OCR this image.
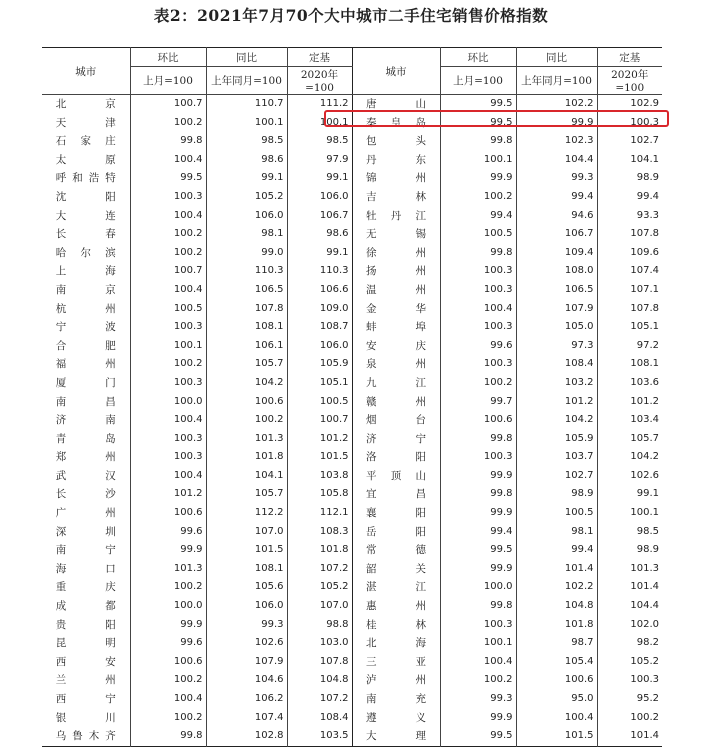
表2：2021年7月70个大中城市二手住宅销售价格指数
城市	环比	同比	定基	城市	环比	同比	定基
	上月=100	上年同月=100	2020年=100		上月=100	上年同月=100	2020年=100
北京	100.7	110.7	111.2	唐山	99.5	102.2	102.9
天津	100.2	100.1	100.1	秦皇岛	99.5	99.9	100.3
石家庄	99.8	98.5	98.5	包头	99.8	102.3	102.7
太原	100.4	98.6	97.9	丹东	100.1	104.4	104.1
呼和浩特	99.5	99.1	99.1	锦州	99.9	99.3	98.9
沈阳	100.3	105.2	106.0	吉林	100.2	99.4	99.4
大连	100.4	106.0	106.7	牡丹江	99.4	94.6	93.3
长春	100.2	98.1	98.6	无锡	100.5	106.7	107.8
哈尔滨	100.2	99.0	99.1	徐州	99.8	109.4	109.6
上海	100.7	110.3	110.3	扬州	100.3	108.0	107.4
南京	100.4	106.5	106.6	温州	100.3	106.5	107.1
杭州	100.5	107.8	109.0	金华	100.4	107.9	107.8
宁波	100.3	108.1	108.7	蚌埠	100.3	105.0	105.1
合肥	100.1	106.1	106.0	安庆	99.6	97.3	97.2
福州	100.2	105.7	105.9	泉州	100.3	108.4	108.1
厦门	100.3	104.2	105.1	九江	100.2	103.2	103.6
南昌	100.0	100.6	100.5	赣州	99.7	101.2	101.2
济南	100.4	100.2	100.7	烟台	100.6	104.2	103.4
青岛	100.3	101.3	101.2	济宁	99.8	105.9	105.7
郑州	100.3	101.8	101.5	洛阳	100.3	103.7	104.2
武汉	100.4	104.1	103.8	平顶山	99.9	102.7	102.6
长沙	101.2	105.7	105.8	宜昌	99.8	98.9	99.1
广州	100.6	112.2	112.1	襄阳	99.9	100.5	100.1
深圳	99.6	107.0	108.3	岳阳	99.4	98.1	98.5
南宁	99.9	101.5	101.8	常德	99.5	99.4	98.9
海口	101.3	108.1	107.2	韶关	99.9	101.4	101.3
重庆	100.2	105.6	105.2	湛江	100.0	102.2	101.4
成都	100.0	106.0	107.0	惠州	99.8	104.8	104.4
贵阳	99.9	99.3	98.8	桂林	100.3	101.8	102.0
昆明	99.6	102.6	103.0	北海	100.1	98.7	98.2
西安	100.6	107.9	107.8	三亚	100.4	105.4	105.2
兰州	100.2	104.6	104.8	泸州	100.2	100.6	100.3
西宁	100.4	106.2	107.2	南充	99.3	95.0	95.2
银川	100.2	107.4	108.4	遵义	99.9	100.4	100.2
乌鲁木齐	99.8	102.8	103.5	大理	99.5	101.5	101.4
